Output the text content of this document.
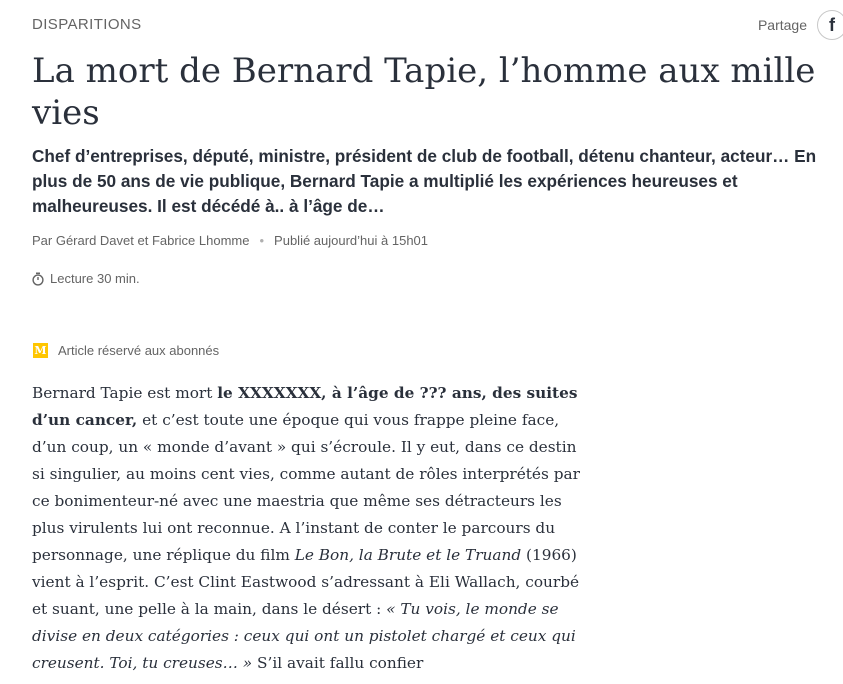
DISPARITIONS	Partage	f
La mort de Bernard Tapie, l’homme aux mille vies

Chef d’entreprises, député, ministre, président de club de football, détenu chanteur, acteur… En plus de 50 ans de vie publique, Bernard Tapie a multiplié les expériences heureuses et malheureuses. Il est décédé à.. à l’âge de…

Par Gérard Davet et Fabrice Lhomme • Publié aujourd’hui à 15h01
Lecture 30 min.
M Article réservé aux abonnés

Bernard Tapie est mort le XXXXXXX, à l’âge de ??? ans, des suites d’un cancer, et c’est toute une époque qui vous frappe pleine face, d’un coup, un « monde d’avant » qui s’écroule. Il y eut, dans ce destin si singulier, au moins cent vies, comme autant de rôles interprétés par ce bonimenteur-né avec une maestria que même ses détracteurs les plus virulents lui ont reconnue. A l’instant de conter le parcours du personnage, une réplique du film Le Bon, la Brute et le Truand (1966) vient à l’esprit. C’est Clint Eastwood s’adressant à Eli Wallach, courbé et suant, une pelle à la main, dans le désert : « Tu vois, le monde se divise en deux catégories : ceux qui ont un pistolet chargé et ceux qui creusent. Toi, tu creuses… » S’il avait fallu confier
